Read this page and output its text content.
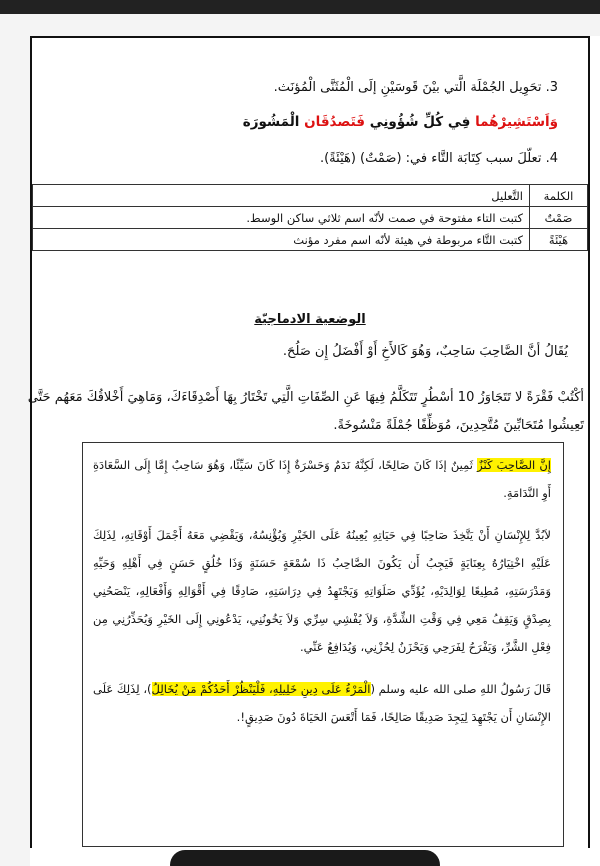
3. تحَوِيل الجُمْلَة الَّتي بيْنَ قَوسَيْنِ إلَى الْمُثَنَّى الْمُؤنَث.
وَاَسْتَشِيرْهُما فِي كُلِّ شُؤُونِي فَتَصدُقَان الْمَشُورَة
4. تعلّلَ سبب كِتَابَة التَّاء في: (صَمْتٌ) (هَيْئَةً).
الكلمة	التَّعليل
صَمْتٌ	كتبت التاء مفتوحة في صمت لأنّه اسم ثلاثي ساكن الوسط.
هَيْئَةً	كتبت التَّاء مربوطة في هيئة لأنّه اسم مفرد مؤنث
الوضعية الادماجيّة
يُقَالُ أنَّ الصَّاحِبَ سَاحِبٌ، وَهُوَ كَالأَخِ أَوْ أَفْضَلُ إِن صَلُحَ.
أكْتُبْ فَقْرَةً لا تَتَجَاوَزُ 10 أسْطُرٍ تَتَكَلَّمُ فِيهَا عَنِ الصِّفَاتِ الَّتِي تَخْتَارُ بِهَا أَصْدِقَاءَكَ، وَمَاهِيَ أَخْلاقُكَ مَعَهُم حَتَّى تَعِيشُوا مُتَحَابِّينَ مُتَّحِدِينَ، مُوَظِّفًا جُمْلَةً مَنْسُوخَةً.

إِنَّ الصَّاحِبَ كَنْزٌ ثَمِينٌ إذَا كَانَ صَالِحًا، لَكِنَّهُ نَدَمٌ وَحَسْرَةٌ إِذَا كَانَ سَيِّئًا، وَهُوَ سَاحِبٌ إِمَّا إِلَى السَّعَادَةِ أَوِ النَّدَامَةِ.

لاَبُدَّ لِلإِنْسَانِ أَنْ يَتَّخِذَ صَاحِبًا فِي حَيَاتِهِ يُعِينُهُ عَلَى الخَيْرِ وَيُؤْنِسُهُ، وَيَقْضِي مَعَهُ أَجْمَلَ أَوْقَاتِهِ، لِذَلِكَ عَلَيْهِ اخْتِيَارُهُ بِعِنَايَةٍ فَيَجِبُ أَن يَكُونَ الصَّاحِبُ ذَا سُمْعَةٍ حَسَنَةٍ وَذَا خُلُقٍ حَسَنٍ فِي أَهْلِهِ وَحَيِّهِ وَمَدْرَسَتِهِ، مُطِيعًا لِوَالِدَيْهِ، يُؤَدِّي صَلَوَاتِهِ وَيَجْتَهِدُ فِي دِرَاسَتِهِ، صَادِقًا فِي أَقْوَالِهِ وَأَفْعَالِهِ، يَنْصَحُنِي بِصِدْقٍ وَيَقِفُ مَعِي فِي وَقْتِ الشِّدَّةِ، وَلاَ يُفْشِي سِرِّي وَلاَ يَخُونُنِي، يَدْعُونِي إِلَى الخَيْرِ وَيُحَذِّرُنِي مِن فِعْلِ الشَّرِّ، وَيَفْرَحُ لِفَرَحِي وَيَحْزَنُ لِحُزْنِي، وَيُدَافِعُ عَنِّي.

قَالَ رَسُولُ اللهِ صلى الله عليه وسلم (الْمَرْءُ عَلَى دِينِ خَلِيلِهِ، فَلْيَنْظُرْ أَحَدُكُمْ مَنْ يُخَالِلُ)، لِذَلِكَ عَلَى الإِنْسَانِ أَن يَجْتَهِدَ لِيَجِدَ صَدِيقًا صَالِحًا، فَمَا أَتْعَسَ الحَيَاةَ دُونَ صَدِيقٍ!.
